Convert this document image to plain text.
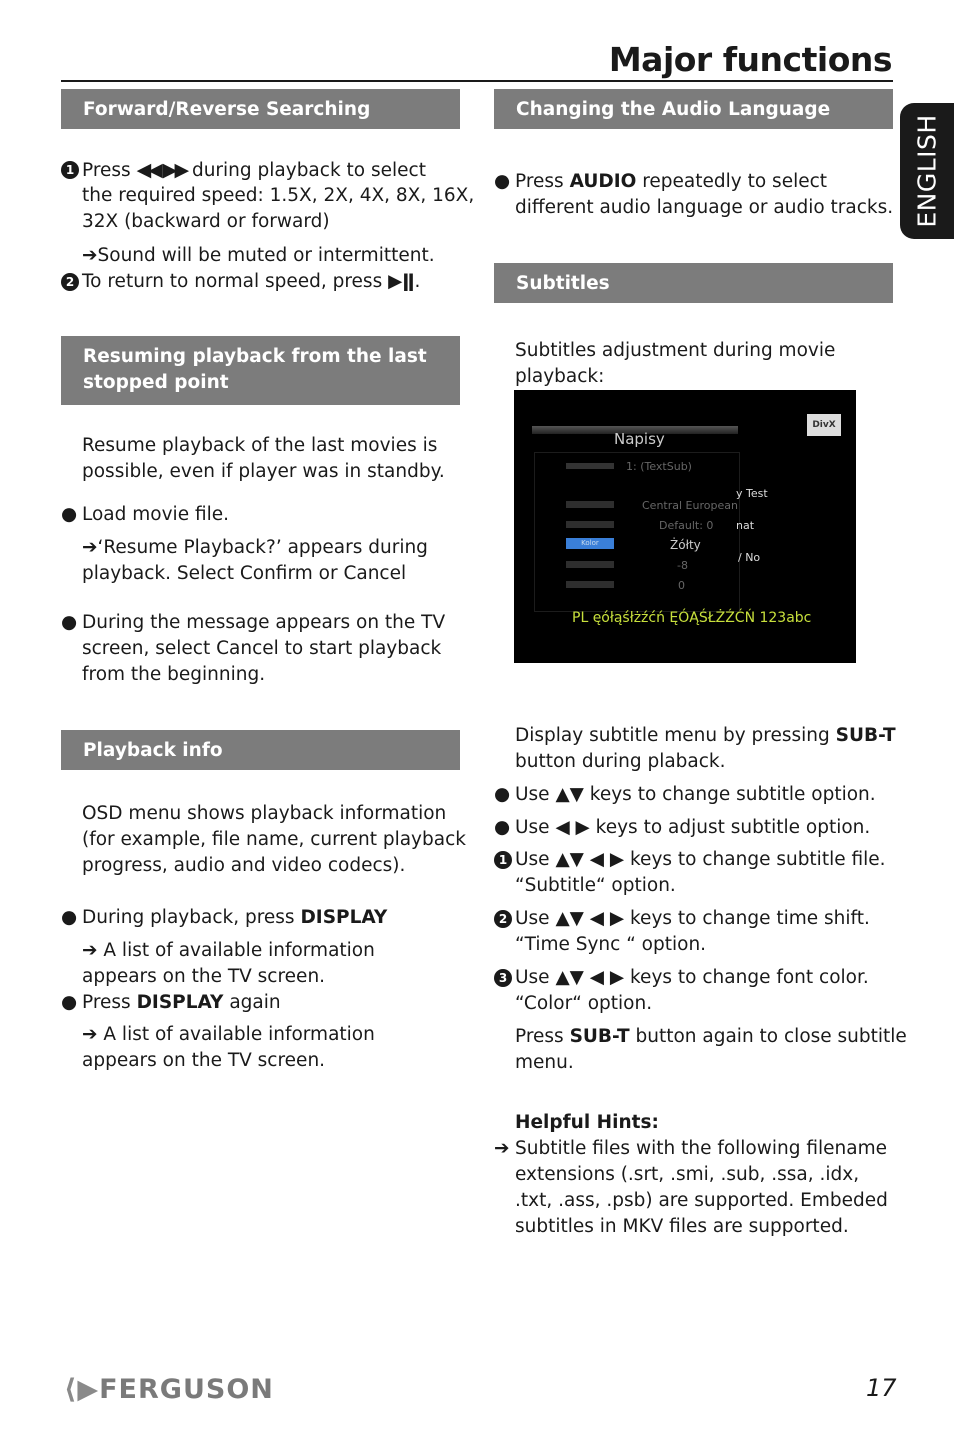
Major functions
ENGLISH
Forward/Reverse Searching
1 Press ◀◀ ▶▶ during playback to select
the required speed: 1.5X, 2X, 4X, 8X, 16X,
32X (backward or forward)
➔Sound will be muted or intermittent.
2 To return to normal speed, press ▶ǁ.
Resuming playback from the last
stopped point
Resume playback of the last movies is
possible, even if player was in standby.
● Load movie file.
➔‘Resume Playback?’ appears during
playback. Select Confirm or Cancel
● During the message appears on the TV
screen, select Cancel to start playback
from the beginning.
Playback info
OSD menu shows playback information
(for example, file name, current playback
progress, audio and video codecs).
● During playback, press DISPLAY
➔ A list of available information
appears on the TV screen.
● Press DISPLAY again
➔ A list of available information
appears on the TV screen.
Changing the Audio Language
● Press AUDIO repeatedly to select
different audio language or audio tracks.
Subtitles
Subtitles adjustment during movie
playback:
Napisy
1: (TextSub)
Kolor
Central European
Default: 0
Żółty
-8
0
y Test
nat
/ No
DivX
PL ęółąśłżźćń ĘÓĄŚŁŻŹĆŃ 123abc
Display subtitle menu by pressing SUB-T
button during plaback.
● Use ▲▼ keys to change subtitle option.
● Use ◀ ▶ keys to adjust subtitle option.
1 Use ▲▼ ◀ ▶ keys to change subtitle file.
“Subtitle“ option.
2 Use ▲▼ ◀ ▶ keys to change time shift.
“Time Sync “ option.
3 Use ▲▼ ◀ ▶ keys to change font color.
“Color“ option.
Press SUB-T button again to close subtitle
menu.
Helpful Hints:
➔ Subtitle files with the following filename
extensions (.srt, .smi, .sub, .ssa, .idx,
.txt, .ass, .psb) are supported. Embeded
subtitles in MKV files are supported.
⟨▶FERGUSON	17
